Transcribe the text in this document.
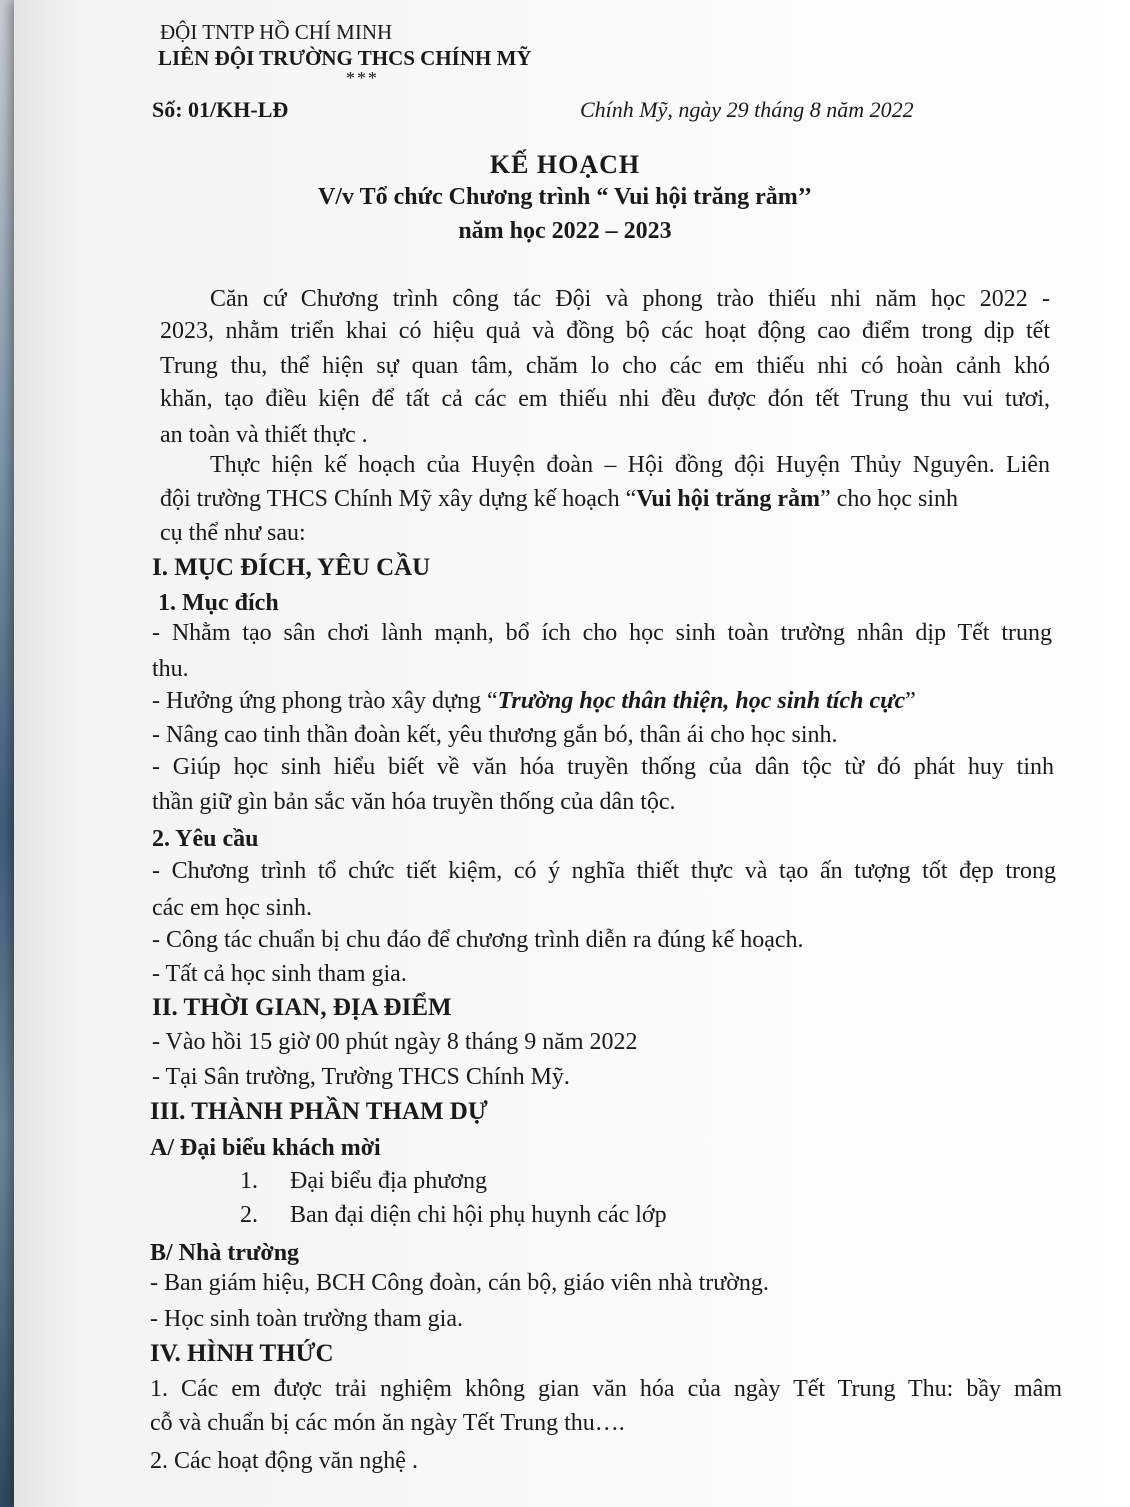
ĐỘI TNTP HỒ CHÍ MINH
LIÊN ĐỘI TRƯỜNG THCS CHÍNH MỸ
***
Số: 01/KH-LĐ	Chính Mỹ, ngày 29 tháng 8 năm 2022
KẾ HOẠCH
V/v Tổ chức Chương trình “ Vui hội trăng rằm’’
năm học 2022 – 2023
Căn cứ Chương trình công tác Đội và phong trào thiếu nhi năm học 2022 -
2023, nhằm triển khai có hiệu quả và đồng bộ các hoạt động cao điểm trong dịp tết
Trung thu, thể hiện sự quan tâm, chăm lo cho các em thiếu nhi có hoàn cảnh khó
khăn, tạo điều kiện để tất cả các em thiếu nhi đều được đón tết Trung thu vui tươi,
an toàn và thiết thực .
Thực hiện kế hoạch của Huyện đoàn – Hội đồng đội Huyện Thủy Nguyên. Liên
đội trường THCS Chính Mỹ xây dựng kế hoạch “Vui hội trăng rằm” cho học sinh
cụ thể như sau:
I. MỤC ĐÍCH, YÊU CẦU
1. Mục đích
- Nhằm tạo sân chơi lành mạnh, bổ ích cho học sinh toàn trường nhân dịp Tết trung
thu.
- Hưởng ứng phong trào xây dựng “Trường học thân thiện, học sinh tích cực”
- Nâng cao tinh thần đoàn kết, yêu thương gắn bó, thân ái cho học sinh.
- Giúp học sinh hiểu biết về văn hóa truyền thống của dân tộc từ đó phát huy tinh
thần giữ gìn bản sắc văn hóa truyền thống của dân tộc.
2. Yêu cầu
- Chương trình tổ chức tiết kiệm, có ý nghĩa thiết thực và tạo ấn tượng tốt đẹp trong
các em học sinh.
- Công tác chuẩn bị chu đáo để chương trình diễn ra đúng kế hoạch.
- Tất cả học sinh tham gia.
II. THỜI GIAN, ĐỊA ĐIỂM
- Vào hồi 15 giờ 00 phút ngày 8 tháng 9 năm 2022
- Tại Sân trường, Trường THCS Chính Mỹ.
III. THÀNH PHẦN THAM DỰ
A/ Đại biểu khách mời
1. Đại biểu địa phương
2. Ban đại diện chi hội phụ huynh các lớp
B/ Nhà trường
- Ban giám hiệu, BCH Công đoàn, cán bộ, giáo viên nhà trường.
- Học sinh toàn trường tham gia.
IV. HÌNH THỨC
1. Các em được trải nghiệm không gian văn hóa của ngày Tết Trung Thu: bầy mâm
cỗ và chuẩn bị các món ăn ngày Tết Trung thu….
2. Các hoạt động văn nghệ .
